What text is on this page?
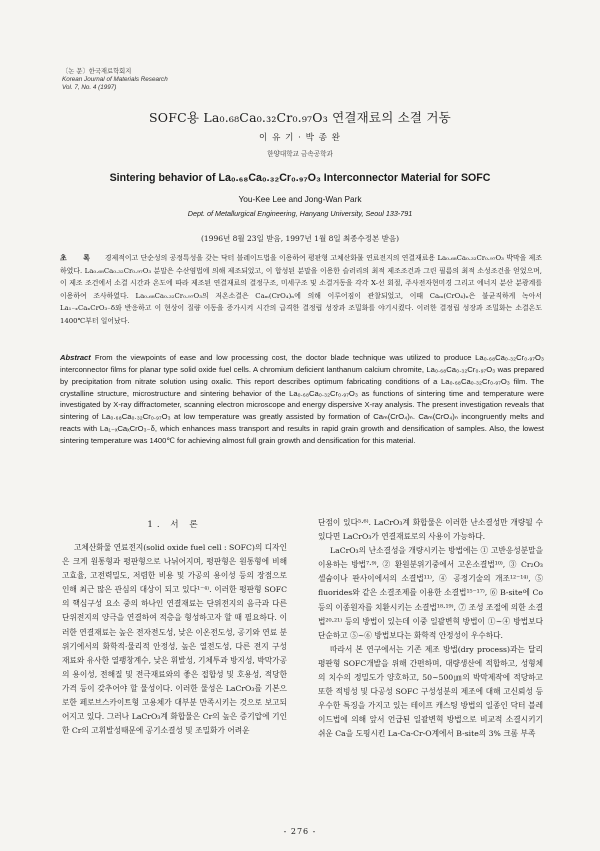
〔논 문〕한국재료학회지
Korean Journal of Materials Research
Vol. 7, No. 4 (1997)
SOFC용 La₀.₆₈Ca₀.₃₂Cr₀.₉₇O₃ 연결재료의 소결 거동
이 유 기 · 박 종 완
한양대학교 금속공학과
Sintering behavior of La₀.₆₈Ca₀.₃₂Cr₀.₉₇O₃ Interconnector Material for SOFC
You-Kee Lee and Jong-Wan Park
Dept. of Metallurgical Engineering, Hanyang University, Seoul 133-791
(1996년 8월 23일 받음, 1997년 1월 8일 최종수정본 받음)
초 록 경제적이고 단순성의 공정특성을 갖는 닥터 블레이드법을 이용하여 평판형 고체산화물 연료전지의 연결재료용 La₀.₆₈Ca₀.₃₂Cr₀.₉₇O₃ 박막을 제조하였다. La₀.₆₈Ca₀.₃₂Cr₀.₉₇O₃ 분말은 수산염법에 의해 제조되었고, 이 합성된 분말을 이용한 슬러리의 최적 제조조건과 그린 필름의 최적 소성조건을 얻었으며, 이 제조 조건에서 소결 시간과 온도에 따라 제조된 연결재료의 결정구조, 미세구조 및 소결거동을 각각 X-선 회절, 주사전자현미경 그리고 에너지 분산 분광계를 이용하여 조사하였다. La₀.₆₈Ca₀.₃₂Cr₀.₉₇O₃의 저온소결은 Caₘ(CrO₄)ₙ에 의해 이루어짐이 관찰되었고, 이때 Caₘ(CrO₄)ₙ은 불균직하게 녹아서 La₁₋ₓCaₓCrO₃₋δ와 반응하고 이 현상이 질량 이동을 증가시켜 시간의 급격한 결정립 성장과 조밀화를 야기시켰다. 이러한 결정립 성장과 조밀화는 소결온도 1400℃부터 일어났다.
Abstract From the viewpoints of ease and low processing cost, the doctor blade technique was utilized to produce La₀.₆₈Ca₀.₃₂Cr₀.₉₇O₃ interconnector films for planar type solid oxide fuel cells. A chromium deficient lanthanum calcium chromite, La₀.₆₈Ca₀.₃₂Cr₀.₉₇O₃ was prepared by precipitation from nitrate solution using oxalic. This report describes optimum fabricating conditions of a La₀.₆₈Ca₀.₃₂Cr₀.₉₇O₃ film. The crystalline structure, microstructure and sintering behavior of the La₀.₆₈Ca₀.₃₂Cr₀.₉₇O₃ as functions of sintering time and temperature were investigated by X-ray diffractometer, scanning electron microscope and energy dispersive X-ray analysis. The present investigation reveals that sintering of La₀.₆₈Ca₀.₃₂Cr₀.₉₇O₃ at low temperature was greatly assisted by formation of Caₘ(CrO₄)ₙ. Caₘ(CrO₄)ₙ incongruently melts and reacts with La₁₋ₓCaₓCrO₃₋δ, which enhances mass transport and results in rapid grain growth and densification of samples. Also, the lowest sintering temperature was 1400℃ for achieving almost full grain growth and densification for this material.
1. 서 론

고체산화물 연료전지(solid oxide fuel cell : SOFC)의 디자인은 크게 원통형과 평판형으로 나뉘어지며, 평판형은 원통형에 비해 고효율, 고전력밀도, 저렴한 비용 및 가공의 용이성 등의 장점으로 인해 최근 많은 관심의 대상이 되고 있다¹⁻⁴⁾. 이러한 평판형 SOFC의 핵심구성 요소 중의 하나인 연결재료는 단위전지의 음극과 다른 단위전지의 양극을 연결하여 적층을 형성하고자 할 때 필요하다. 이러한 연결재료는 높은 전자전도성, 낮은 이온전도성, 공기와 연료 분위기에서의 화학적·물리적 안정성, 높은 열전도성, 다른 전지 구성 재료와 유사한 열팽창계수, 낮은 휘발성, 기체투과 방지성, 박막가공의 용이성, 전해질 및 전극재료와의 좋은 접합성 및 호용성, 적당한 가격 등이 갖추어야 할 물성이다. 이러한 물성은 LaCrO₃를 기본으로한 페로브스카이트형 고용체가 대부분 만족시키는 것으로 보고되어지고 있다. 그러나 LaCrO₃계 화합물은 Cr의 높은 증기압에 기인한 Cr의 고휘발성때문에 공기소결성 및 조밀화가 어려운

단점이 있다⁵·⁶⁾. LaCrO₃계 화합물은 이러한 난소결성만 개량될 수 있다면 LaCrO₃가 연결재료로의 사용이 가능하다.

LaCrO₃의 난소결성을 개량시키는 방법에는 ① 고반응성분말을 이용하는 방법⁷·⁹⁾, ② 환원분위기중에서 고온소결법¹⁰⁾, ③ Cr₂O₃ 셀슘이나 판사이에서의 소결법¹¹⁾, ④ 공정기술의 개조¹²⁻¹⁴⁾, ⑤ fluorides와 같은 소결조제를 이용한 소결법¹⁵⁻¹⁷⁾, ⑥ B-site에 Co 등의 이종원자를 치환시키는 소결법¹⁸·¹⁹⁾, ⑦ 조성 조절에 의한 소결법²⁰·²¹⁾ 등의 방법이 있는데 이중 일괄변혁 방법이 ①~④ 방법보다 단순하고 ⑤~⑥ 방법보다는 화학적 안정성이 우수하다.

따라서 본 연구에서는 기존 제조 방법(dry process)과는 달리 평판형 SOFC개발을 위해 간편하며, 대량생산에 적합하고, 성형체의 치수의 정밀도가 양호하고, 50~500㎛의 박막제작에 적당하고 또한 적빙성 및 다공성 SOFC 구성성분의 제조에 대해 고신뢰성 등 우수한 특징을 가지고 있는 테이프 캐스팅 방법의 일종인 닥터 블레이드법에 의해 앞서 언급된 일괄변혁 방법으로 비교적 소결시키기 쉬운 Ca을 도핑시킨 La-Ca-Cr-O계에서 B-site의 3% 크롬 부족

- 276 -
